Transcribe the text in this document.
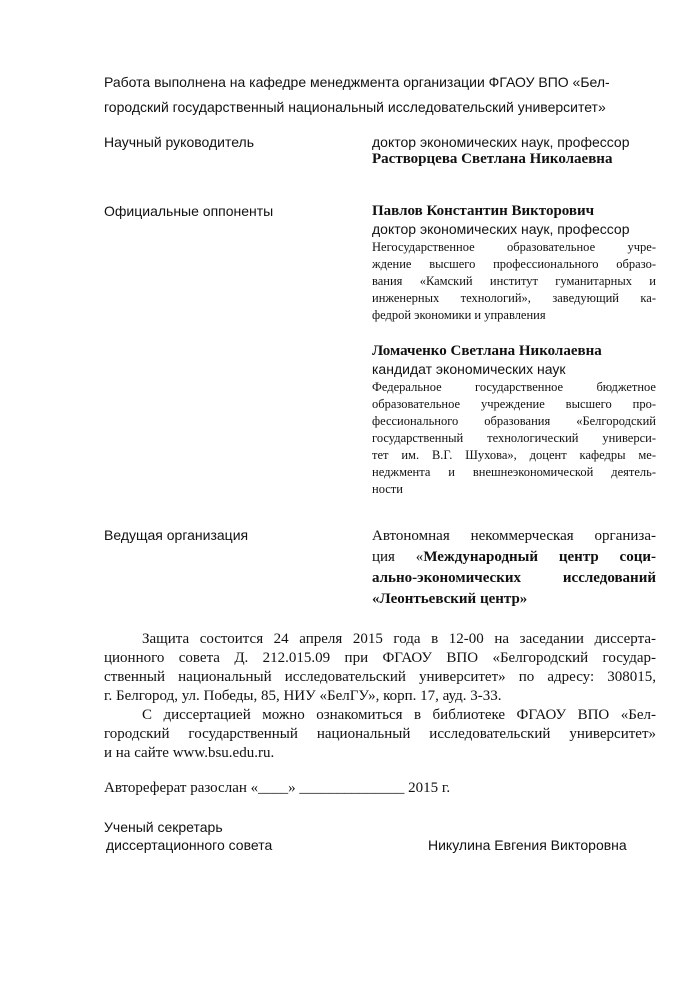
Работа выполнена на кафедре менеджмента организации ФГАОУ ВПО «Бел-
городский государственный национальный исследовательский университет»
Научный руководитель	доктор экономических наук, профессор
Растворцева Светлана Николаевна
Официальные оппоненты	Павлов Константин Викторович
доктор экономических наук, профессор
Негосударственное образовательное учре-
ждение высшего профессионального образо-
вания «Камский институт гуманитарных и
инженерных технологий», заведующий ка-
федрой экономики и управления
Ломаченко Светлана Николаевна
кандидат экономических наук
Федеральное государственное бюджетное
образовательное учреждение высшего про-
фессионального образования «Белгородский
государственный технологический универси-
тет им. В.Г. Шухова», доцент кафедры ме-
неджмента и внешнеэкономической деятель-
ности
Ведущая организация	Автономная некоммерческая организа-
ция «Международный центр соци-
ально-экономических исследований
«Леонтьевский центр»
Защита состоится 24 апреля 2015 года в 12-00 на заседании диссерта-
ционного совета Д. 212.015.09 при ФГАОУ ВПО «Белгородский государ-
ственный национальный исследовательский университет» по адресу: 308015,
г. Белгород, ул. Победы, 85, НИУ «БелГУ», корп. 17, ауд. 3-33.
С диссертацией можно ознакомиться в библиотеке ФГАОУ ВПО «Бел-
городский государственный национальный исследовательский университет»
и на сайте www.bsu.edu.ru.
Автореферат разослан «____» ______________ 2015 г.
Ученый секретарь
диссертационного совета	Никулина Евгения Викторовна
